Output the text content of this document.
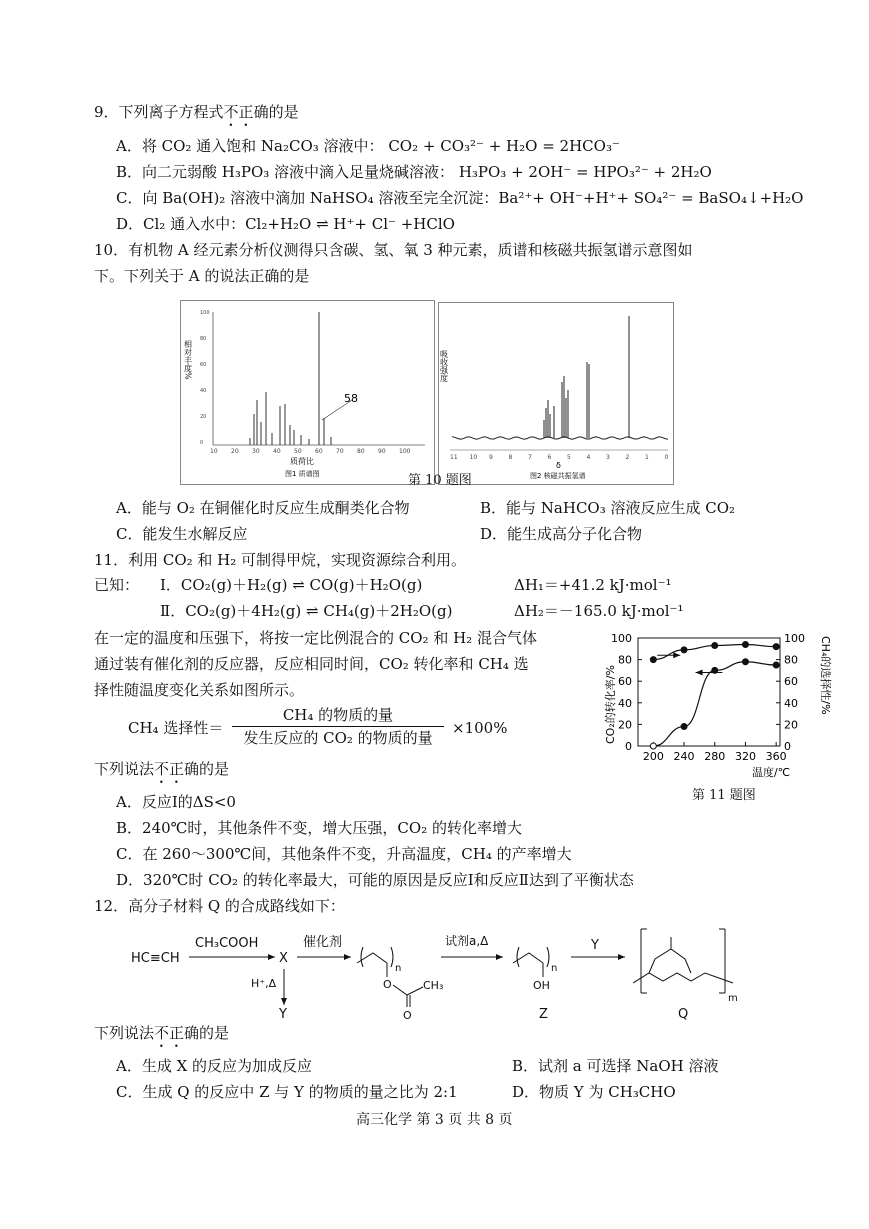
9．下列离子方程式不正确的是
A．将 CO₂ 通入饱和 Na₂CO₃ 溶液中： CO₂ + CO₃²⁻ + H₂O = 2HCO₃⁻
B．向二元弱酸 H₃PO₃ 溶液中滴入足量烧碱溶液： H₃PO₃ + 2OH⁻ = HPO₃²⁻ + 2H₂O
C．向 Ba(OH)₂ 溶液中滴加 NaHSO₄ 溶液至完全沉淀：Ba²⁺+ OH⁻+H⁺+ SO₄²⁻ = BaSO₄↓+H₂O
D．Cl₂ 通入水中：Cl₂+H₂O ⇌ H⁺+ Cl⁻ +HClO
10．有机物 A 经元素分析仪测得只含碳、氢、氧 3 种元素，质谱和核磁共振氢谱示意图如
下。下列关于 A 的说法正确的是
相对丰度%
100
80
60
40
20
0
10 20 30 40 50 60 70 80 90 100
58
质荷比
图1 质谱图
吸收强度
11 10 9	8	7	6	5	4	3	2	1	0
δ
图2 核磁共振氢谱
第 10 题图
A．能与 O₂ 在铜催化时反应生成酮类化合物	B．能与 NaHCO₃ 溶液反应生成 CO₂
C．能发生水解反应	D．能生成高分子化合物
11．利用 CO₂ 和 H₂ 可制得甲烷，实现资源综合利用。
已知： Ⅰ．CO₂(g)＋H₂(g) ⇌ CO(g)＋H₂O(g)	ΔH₁＝+41.2 kJ·mol⁻¹
Ⅱ．CO₂(g)＋4H₂(g) ⇌ CH₄(g)＋2H₂O(g)	ΔH₂＝－165.0 kJ·mol⁻¹
在一定的温度和压强下，将按一定比例混合的 CO₂ 和 H₂ 混合气体
通过装有催化剂的反应器，反应相同时间，CO₂ 转化率和 CH₄ 选
择性随温度变化关系如图所示。
CH₄ 选择性＝
CH₄ 的物质的量
发生反应的 CO₂ 的物质的量
×100%
下列说法不正确的是
A．反应Ⅰ的ΔS<0
B．240℃时，其他条件不变，增大压强，CO₂ 的转化率增大
C．在 260～300℃间，其他条件不变，升高温度，CH₄ 的产率增大
D．320℃时 CO₂ 的转化率最大，可能的原因是反应Ⅰ和反应Ⅱ达到了平衡状态
CO₂的转化率/%	CH₄的选择性/%
温度/℃
0	0
20	20
40	40
60	60
80	80
100	100
200 240 280 320 360
第 11 题图
12．高分子材料 Q 的合成路线如下：
HC≡CH
CH₃COOH
X
H⁺,Δ
Y
催化剂
n
O
O
CH₃
试剂a,Δ
n
OH
Z
Y
m
Q
下列说法不正确的是
A．生成 X 的反应为加成反应	B．试剂 a 可选择 NaOH 溶液
C．生成 Q 的反应中 Z 与 Y 的物质的量之比为 2:1	D．物质 Y 为 CH₃CHO
高三化学 第 3 页 共 8 页
